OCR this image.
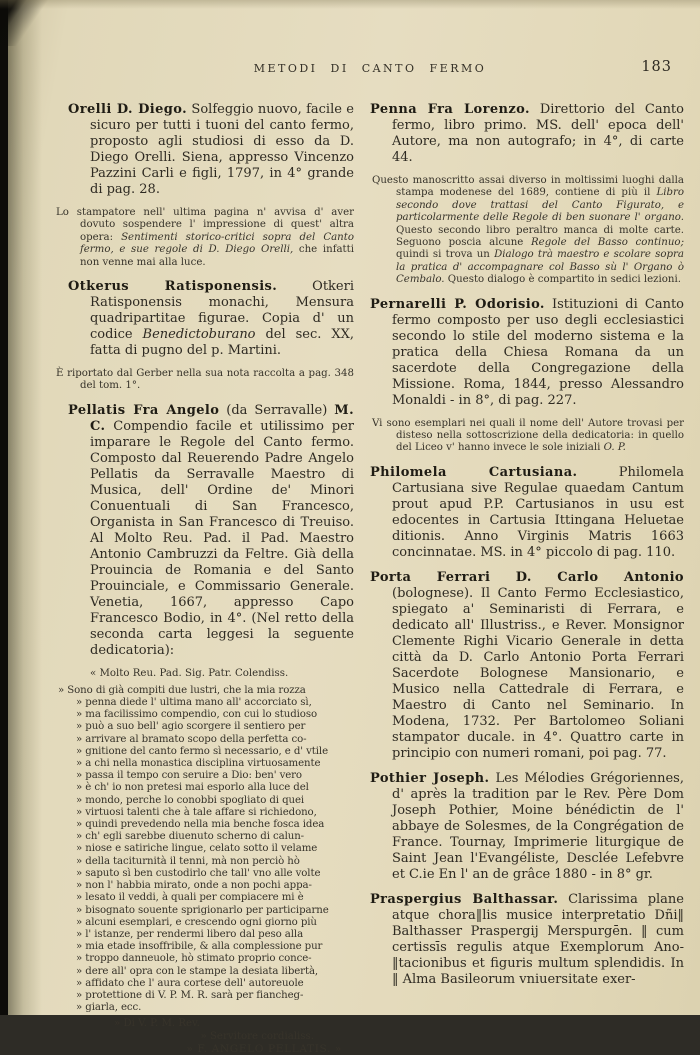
METODI DI CANTO FERMO	183

Orelli D. Diego. Solfeggio nuovo, facile e sicuro per tutti i tuoni del canto fermo, proposto agli studiosi di esso da D. Diego Orelli. Siena, appresso Vincenzo Pazzini Carli e figli, 1797, in 4° grande di pag. 28.

Lo stampatore nell' ultima pagina n' avvisa d' aver dovuto sospendere l' impressione di quest' altra opera: Sentimenti storico-critici sopra del Canto fermo, e sue regole di D. Diego Orelli, che infatti non venne mai alla luce.

Otkerus Ratisponensis. Otkeri Ratisponensis monachi, Mensura quadripartitae figurae. Copia d' un codice Benedictoburano del sec. XX, fatta di pugno del p. Martini.

È riportato dal Gerber nella sua nota raccolta a pag. 348 del tom. 1°.

Pellatis Fra Angelo (da Serravalle) M. C. Compendio facile et utilissimo per imparare le Regole del Canto fermo. Composto dal Reuerendo Padre Angelo Pellatis da Serravalle Maestro di Musica, dell' Ordine de' Minori Conuentuali di San Francesco, Organista in San Francesco di Treuiso. Al Molto Reu. Pad. il Pad. Maestro Antonio Cambruzzi da Feltre. Già della Prouincia de Romania e del Santo Prouinciale, e Commissario Generale. Venetia, 1667, appresso Capo Francesco Bodio, in 4°. (Nel retto della seconda carta leggesi la seguente dedicatoria):

« Molto Reu. Pad. Sig. Patr. Colendiss.

» Sono di già compiti due lustri, che la mia rozza
» penna diede l' ultima mano all' accorciato sì,
» ma facilissimo compendio, con cui lo studioso
» può a suo bell' agio scorgere il sentiero per
» arrivare al bramato scopo della perfetta co-
» gnitione del canto fermo sì necessario, e d' vtile
» a chi nella monastica disciplina virtuosamente
» passa il tempo con seruire a Dio: ben' vero
» è ch' io non pretesi mai esporlo alla luce del
» mondo, perche lo conobbi spogliato di quei
» virtuosi talenti che à tale affare si richiedono,
» quindi prevedendo nella mia benche fosca idea
» ch' egli sarebbe diuenuto scherno di calun-
» niose e satiriche lingue, celato sotto il velame
» della taciturnità il tenni, mà non perciò hò
» saputo sì ben custodirlo che tall' vno alle volte
» non l' habbia mirato, onde a non pochi appa-
» lesato il veddi, à quali per compiacere mi è
» bisognato souente sprigionarlo per participarne
» alcuni esemplari, e crescendo ogni giorno più
» l' istanze, per rendermi libero dal peso alla
» mia etade insoffribile, & alla complessione pur
» troppo danneuole, hò stimato proprio conce-
» dere all' opra con le stampe la desiata libertà,
» affidato che l' aura cortese dell' autoreuole
» protettione di V. P. M. R. sarà per fiancheg-
» giarla, ecc.

» Di V. P. M. Rev.

» Servitore cordialiss.

» F. ANGELO PELLATIS. »

Penna Fra Lorenzo. Direttorio del Canto fermo, libro primo. MS. dell' epoca dell' Autore, ma non autografo; in 4°, di carte 44.

Questo manoscritto assai diverso in moltissimi luoghi dalla stampa modenese del 1689, contiene di più il Libro secondo dove trattasi del Canto Figurato, e particolarmente delle Regole di ben suonare l' organo. Questo secondo libro peraltro manca di molte carte. Seguono poscia alcune Regole del Basso continuo; quindi si trova un Dialogo trà maestro e scolare sopra la pratica d' accompagnare col Basso sù l' Organo ò Cembalo. Questo dialogo è compartito in sedici lezioni.

Pernarelli P. Odorisio. Istituzioni di Canto fermo composto per uso degli ecclesiastici secondo lo stile del moderno sistema e la pratica della Chiesa Romana da un sacerdote della Congregazione della Missione. Roma, 1844, presso Alessandro Monaldi - in 8°, di pag. 227.

Vi sono esemplari nei quali il nome dell' Autore trovasi per disteso nella sottoscrizione della dedicatoria: in quello del Liceo v' hanno invece le sole iniziali O. P.

Philomela Cartusiana. Philomela Cartusiana sive Regulae quaedam Cantum prout apud P.P. Cartusianos in usu est edocentes in Cartusia Ittingana Heluetae ditionis. Anno Virginis Matris 1663 concinnatae. MS. in 4° piccolo di pag. 110.

Porta Ferrari D. Carlo Antonio (bolognese). Il Canto Fermo Ecclesiastico, spiegato a' Seminaristi di Ferrara, e dedicato all' Illustriss., e Rever. Monsignor Clemente Righi Vicario Generale in detta città da D. Carlo Antonio Porta Ferrari Sacerdote Bolognese Mansionario, e Musico nella Cattedrale di Ferrara, e Maestro di Canto nel Seminario. In Modena, 1732. Per Bartolomeo Soliani stampator ducale. in 4°. Quattro carte in principio con numeri romani, poi pag. 77.

Pothier Joseph. Les Mélodies Grégoriennes, d' après la tradition par le Rev. Père Dom Joseph Pothier, Moine bénédictin de l' abbaye de Solesmes, de la Congrégation de France. Tournay, Imprimerie liturgique de Saint Jean l'Evangéliste, Desclée Lefebvre et C.ie En l' an de grâce 1880 - in 8° gr.

Praspergius Balthassar. Clarissima plane atque chora‖lis musice interpretatio Dñi‖ Balthasser Praspergij Merspurgēn. ‖ cum certissīs regulis atque Exemplorum Ano-‖tacionibus et figuris multum splendidis. In ‖ Alma Basileorum vniuersitate exer-
